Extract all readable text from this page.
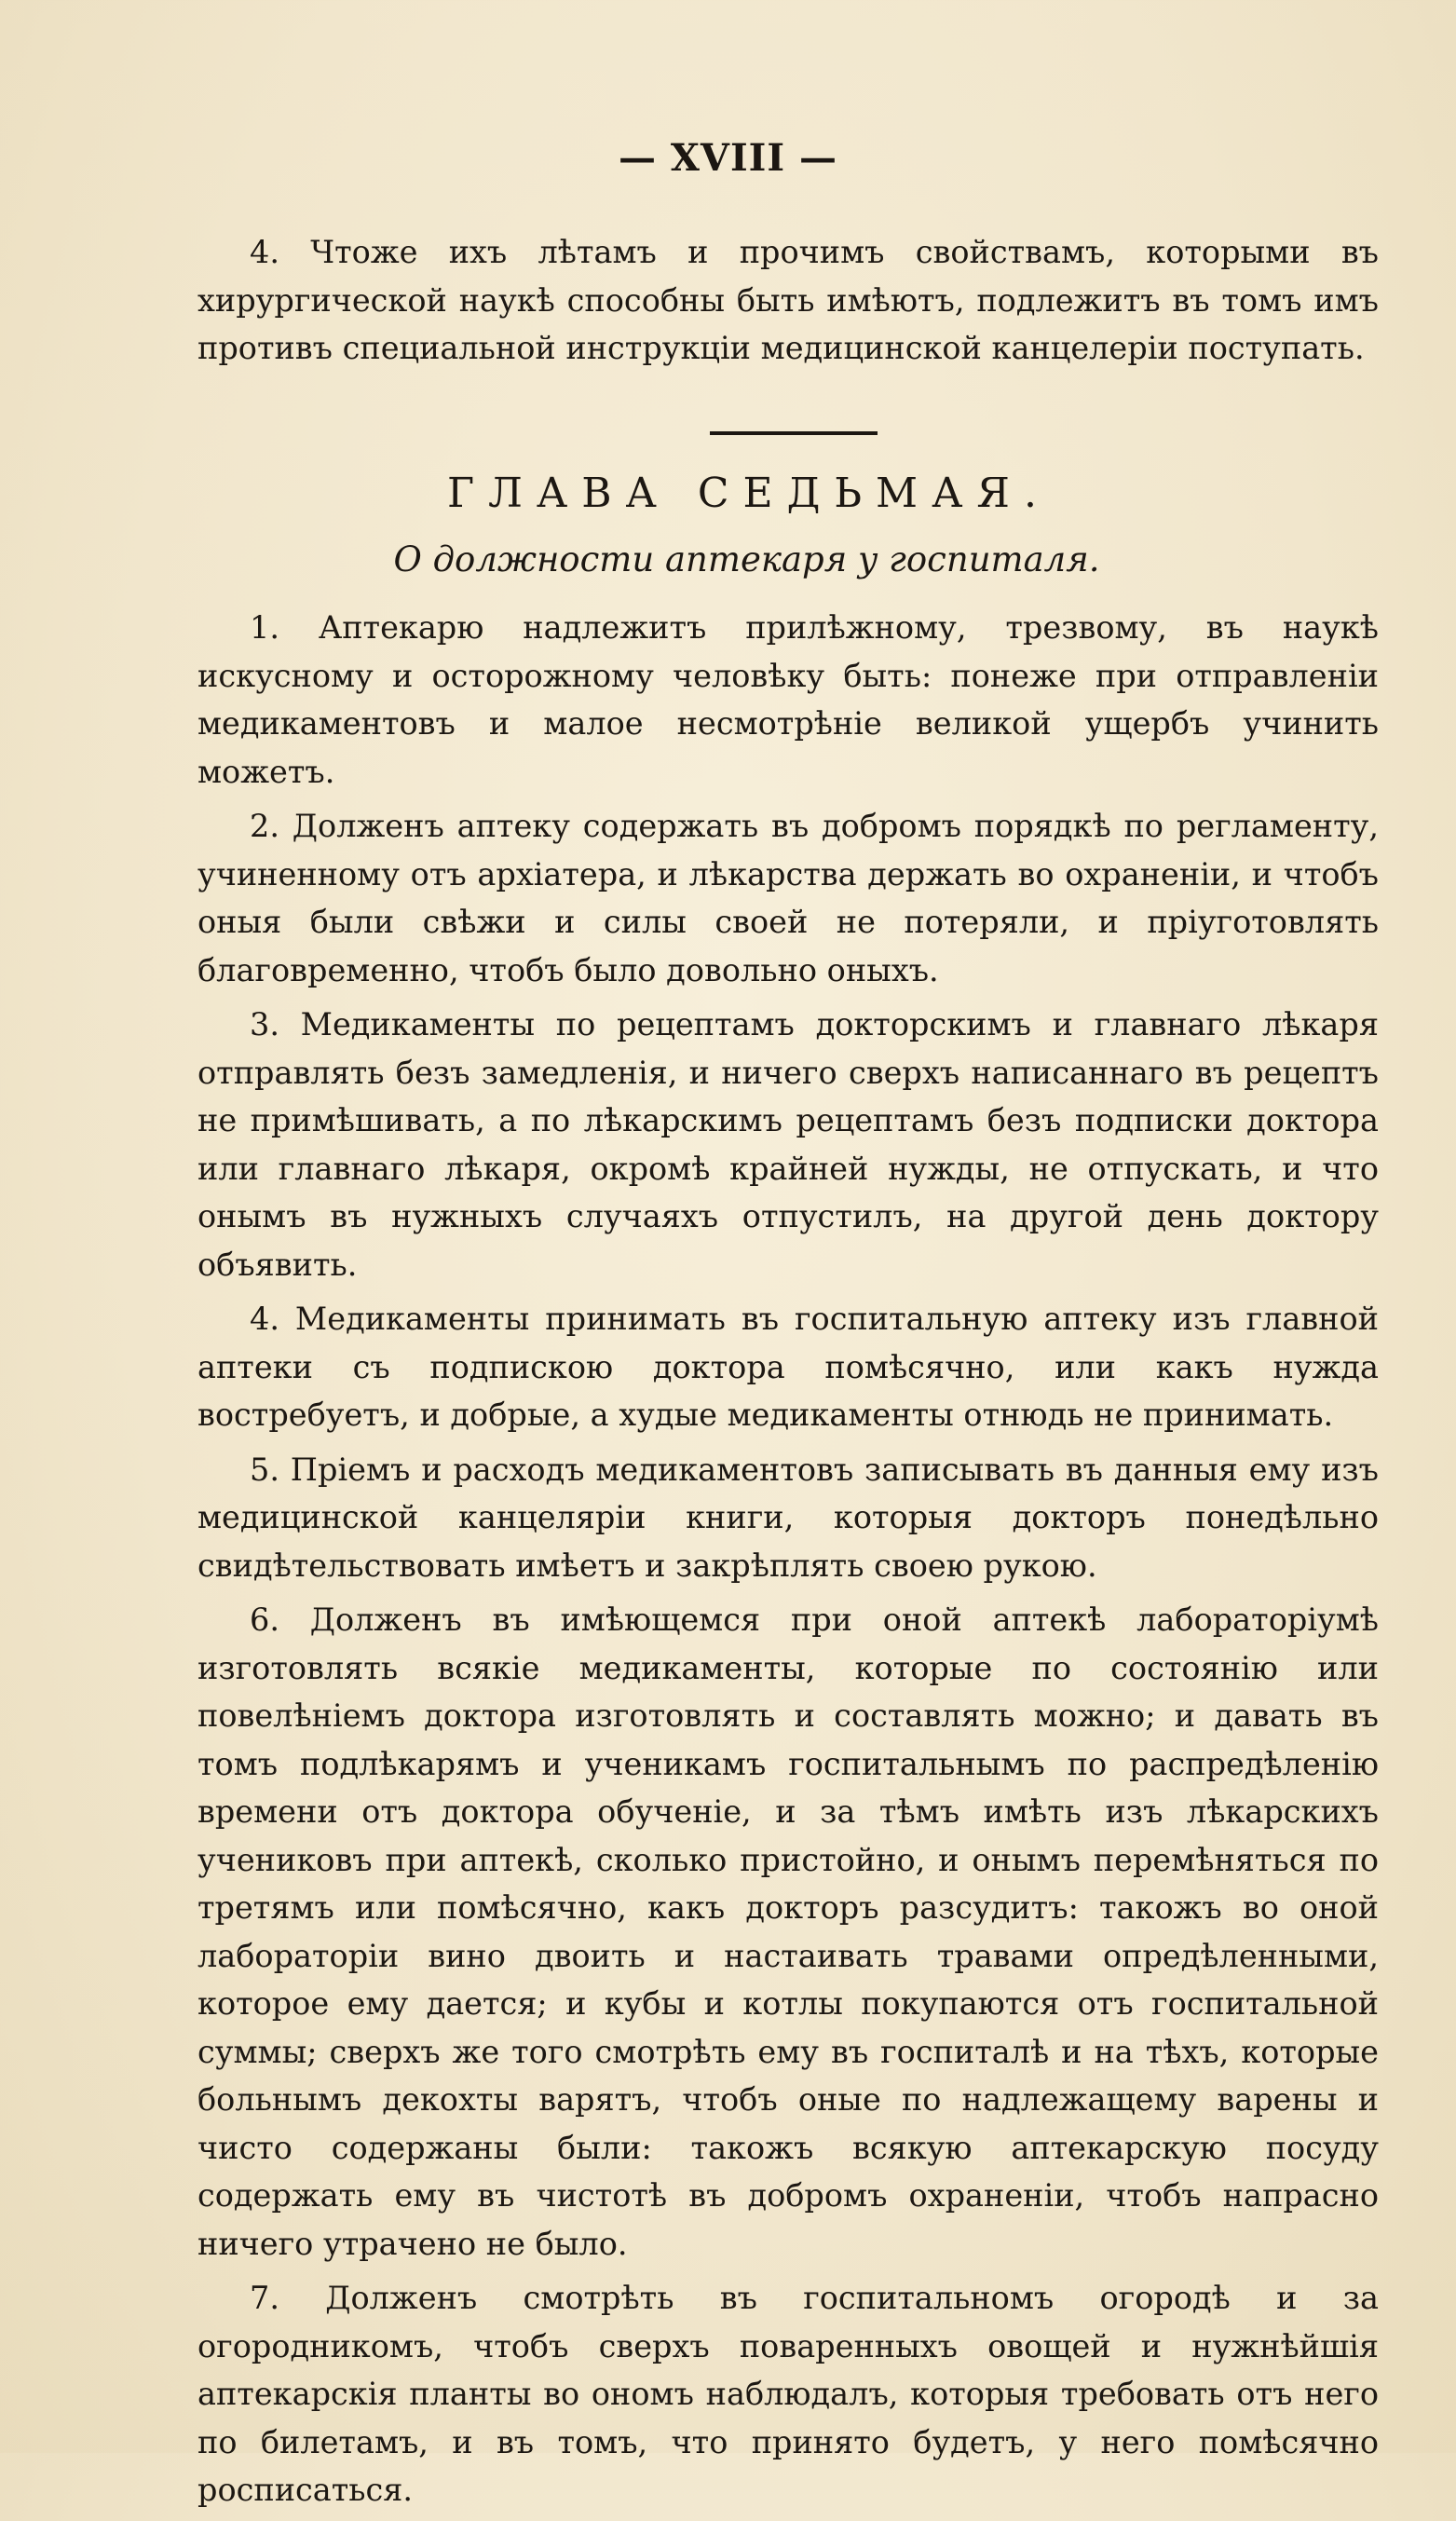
— XVIII —

4. Чтоже ихъ лѣтамъ и прочимъ свойствамъ, которыми въ хирургической наукѣ способны быть имѣютъ, подлежитъ въ томъ имъ противъ специальной инструкціи медицинской канцелеріи поступать.

ГЛАВА СЕДЬМАЯ.
О должности аптекаря у госпиталя.

1. Аптекарю надлежитъ прилѣжному, трезвому, въ наукѣ искусному и осторожному человѣку быть: понеже при отправленіи медикаментовъ и малое несмотрѣніе великой ущербъ учинить можетъ.

2. Долженъ аптеку содержать въ добромъ порядкѣ по регламенту, учиненному отъ архіатера, и лѣкарства держать во охраненіи, и чтобъ оныя были свѣжи и силы своей не потеряли, и пріуготовлять благовременно, чтобъ было довольно оныхъ.

3. Медикаменты по рецептамъ докторскимъ и главнаго лѣкаря отправлять безъ замедленія, и ничего сверхъ написаннаго въ рецептъ не примѣшивать, а по лѣкарскимъ рецептамъ безъ подписки доктора или главнаго лѣкаря, окромѣ крайней нужды, не отпускать, и что онымъ въ нужныхъ случаяхъ отпустилъ, на другой день доктору объявить.

4. Медикаменты принимать въ госпитальную аптеку изъ главной аптеки съ подпискою доктора помѣсячно, или какъ нужда востребуетъ, и добрые, а худые медикаменты отнюдь не принимать.

5. Пріемъ и расходъ медикаментовъ записывать въ данныя ему изъ медицинской канцеляріи книги, которыя докторъ понедѣльно свидѣтельствовать имѣетъ и закрѣплять своею рукою.

6. Долженъ въ имѣющемся при оной аптекѣ лабораторіумѣ изготовлять всякіе медикаменты, которые по состоянію или повелѣніемъ доктора изготовлять и составлять можно; и давать въ томъ подлѣкарямъ и ученикамъ госпитальнымъ по распредѣленію времени отъ доктора обученіе, и за тѣмъ имѣть изъ лѣкарскихъ учениковъ при аптекѣ, сколько пристойно, и онымъ перемѣняться по третямъ или помѣсячно, какъ докторъ разсудитъ: такожъ во оной лабораторіи вино двоить и настаивать травами опредѣленными, которое ему дается; и кубы и котлы покупаются отъ госпитальной суммы; сверхъ же того смотрѣть ему въ госпиталѣ и на тѣхъ, которые больнымъ декохты варятъ, чтобъ оные по надлежащему варены и чисто содержаны были: такожъ всякую аптекарскую посуду содержать ему въ чистотѣ въ добромъ охраненіи, чтобъ напрасно ничего утрачено не было.

7. Долженъ смотрѣть въ госпитальномъ огородѣ и за огородникомъ, чтобъ сверхъ поваренныхъ овощей и нужнѣйшія аптекарскія планты во ономъ наблюдалъ, которыя требовать отъ него по билетамъ, и въ томъ, что принято будетъ, у него помѣсячно росписаться.
